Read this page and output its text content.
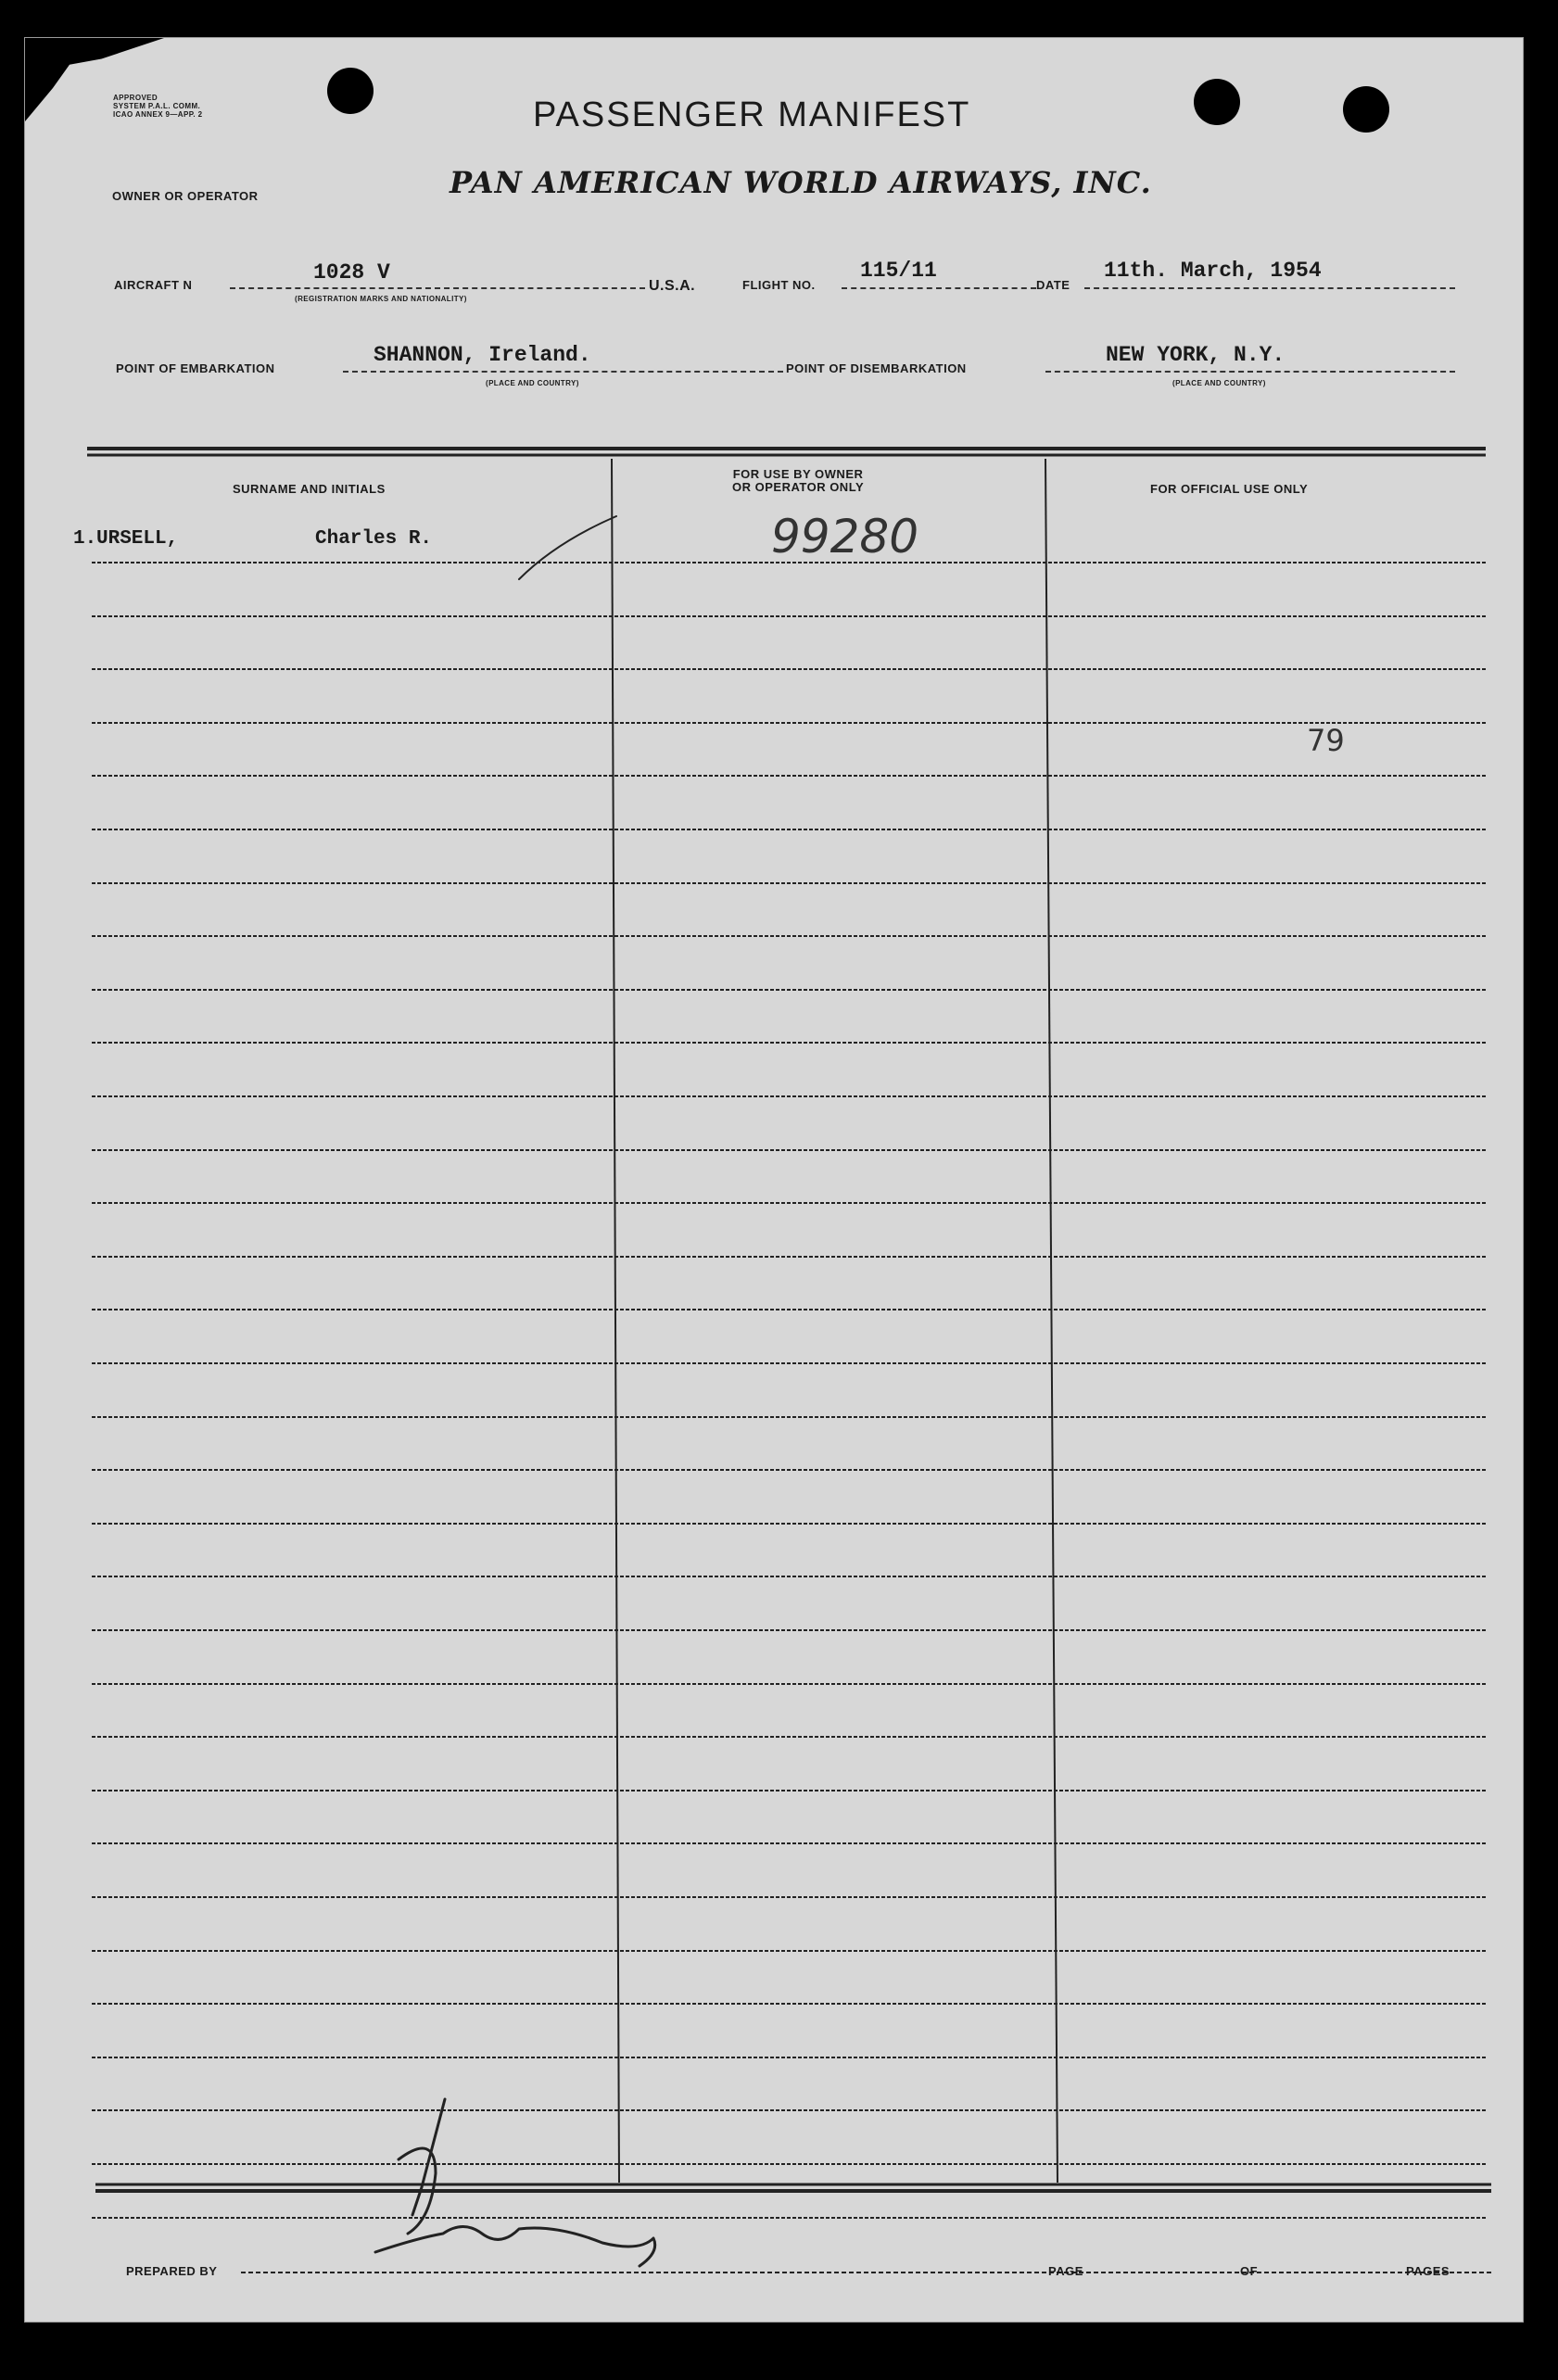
APPROVED
SYSTEM P.A.L. COMM.
ICAO ANNEX 9—APP. 2	PASSENGER MANIFEST
OWNER OR OPERATOR	PAN AMERICAN WORLD AIRWAYS, INC.
AIRCRAFT N
1028 V
(REGISTRATION MARKS AND NATIONALITY)
U.S.A.	FLIGHT NO.
115/11
DATE
11th. March, 1954
POINT OF EMBARKATION
SHANNON, Ireland.
(PLACE AND COUNTRY)
POINT OF DISEMBARKATION
NEW YORK, N.Y.
(PLACE AND COUNTRY)
SURNAME AND INITIALS
FOR USE BY OWNER
OR OPERATOR ONLY	FOR OFFICIAL USE ONLY
1. URSELL,	Charles R.	99280
79
PREPARED BY	PAGE	OF	PAGES
